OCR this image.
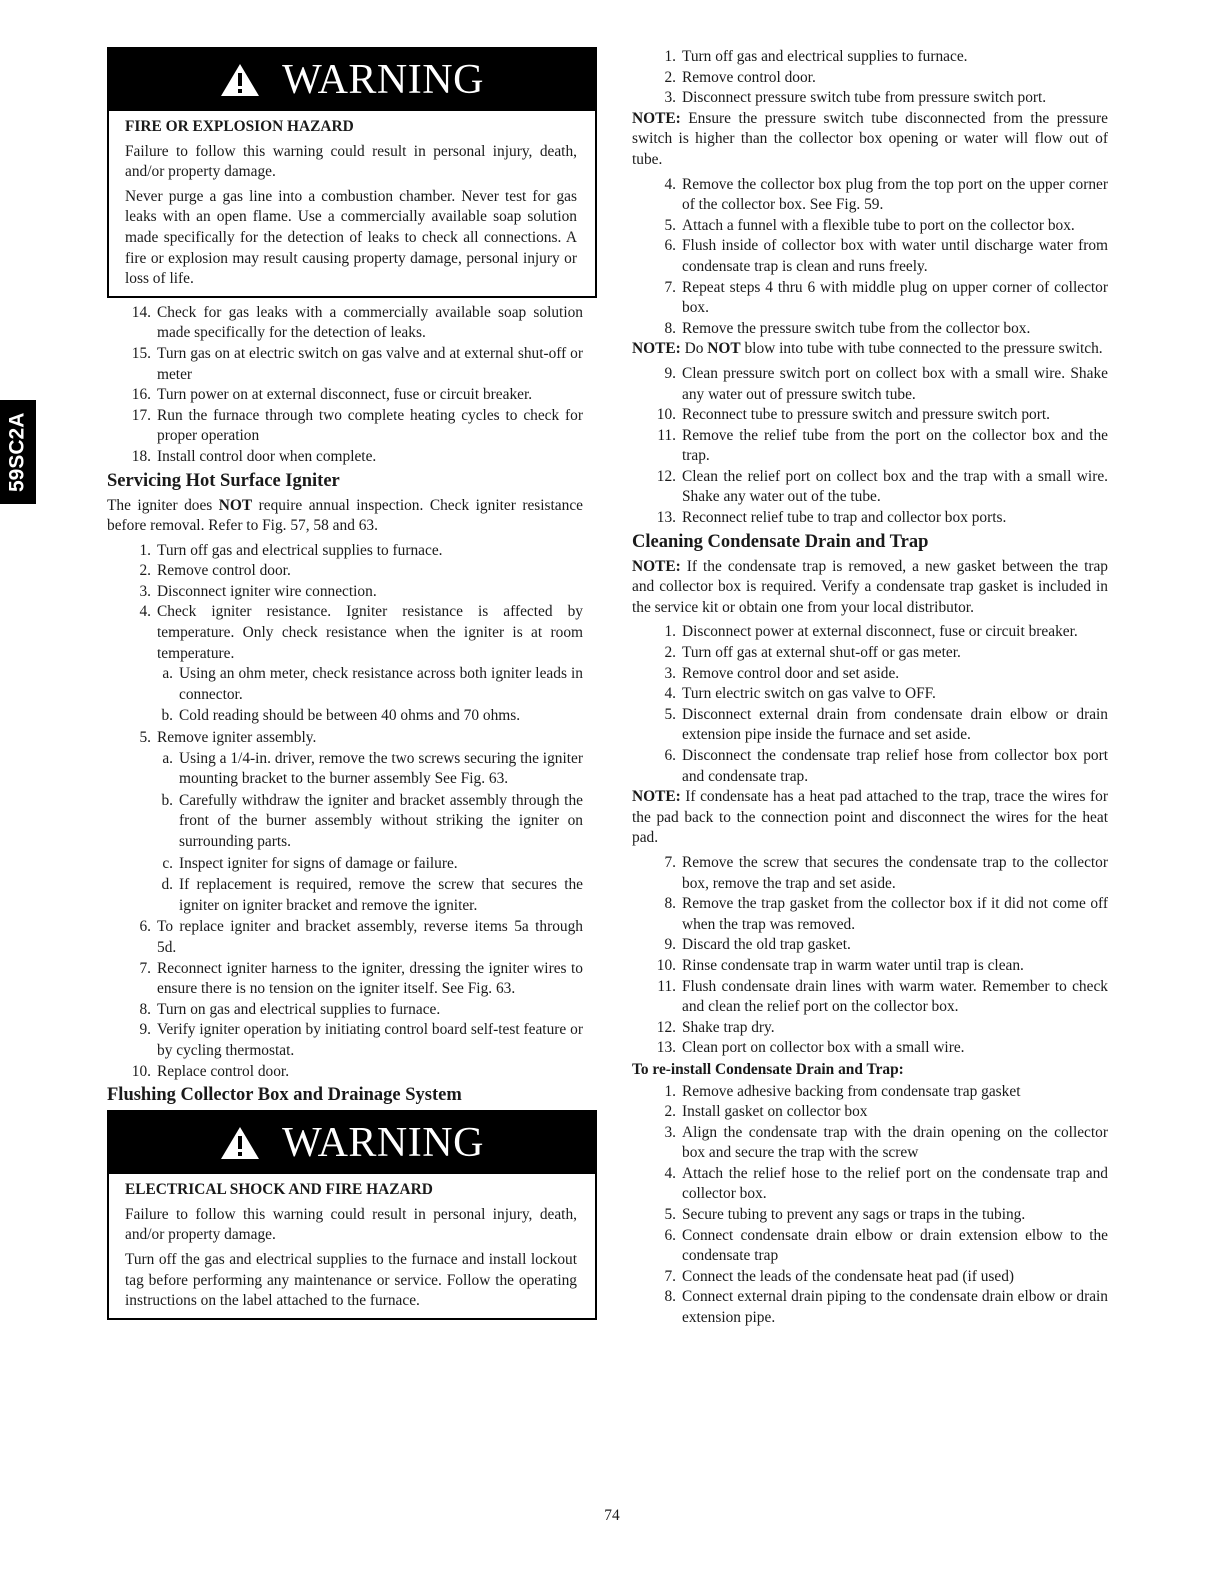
59SC2A
WARNING
FIRE OR EXPLOSION HAZARD

Failure to follow this warning could result in personal injury, death, and/or property damage.

Never purge a gas line into a combustion chamber. Never test for gas leaks with an open flame. Use a commercially available soap solution made specifically for the detection of leaks to check all connections. A fire or explosion may result causing property damage, personal injury or loss of life.

14. Check for gas leaks with a commercially available soap solution made specifically for the detection of leaks.
15. Turn gas on at electric switch on gas valve and at external shut-off or meter
16. Turn power on at external disconnect, fuse or circuit breaker.
17. Run the furnace through two complete heating cycles to check for proper operation
18. Install control door when complete.
Servicing Hot Surface Igniter

The igniter does NOT require annual inspection. Check igniter resistance before removal. Refer to Fig. 57, 58 and 63.

1. Turn off gas and electrical supplies to furnace.
2. Remove control door.
3. Disconnect igniter wire connection.
4. Check igniter resistance. Igniter resistance is affected by temperature. Only check resistance when the igniter is at room temperature.
a. Using an ohm meter, check resistance across both igniter leads in connector.
b. Cold reading should be between 40 ohms and 70 ohms.
5. Remove igniter assembly.
a. Using a 1/4-in. driver, remove the two screws securing the igniter mounting bracket to the burner assembly See Fig. 63.
b. Carefully withdraw the igniter and bracket assembly through the front of the burner assembly without striking the igniter on surrounding parts.
c. Inspect igniter for signs of damage or failure.
d. If replacement is required, remove the screw that secures the igniter on igniter bracket and remove the igniter.
6. To replace igniter and bracket assembly, reverse items 5a through 5d.
7. Reconnect igniter harness to the igniter, dressing the igniter wires to ensure there is no tension on the igniter itself. See Fig. 63.
8. Turn on gas and electrical supplies to furnace.
9. Verify igniter operation by initiating control board self-test feature or by cycling thermostat.
10. Replace control door.
Flushing Collector Box and Drainage System
WARNING
ELECTRICAL SHOCK AND FIRE HAZARD

Failure to follow this warning could result in personal injury, death, and/or property damage.

Turn off the gas and electrical supplies to the furnace and install lockout tag before performing any maintenance or service. Follow the operating instructions on the label attached to the furnace.

1. Turn off gas and electrical supplies to furnace.
2. Remove control door.
3. Disconnect pressure switch tube from pressure switch port.

NOTE: Ensure the pressure switch tube disconnected from the pressure switch is higher than the collector box opening or water will flow out of tube.

4. Remove the collector box plug from the top port on the upper corner of the collector box. See Fig. 59.
5. Attach a funnel with a flexible tube to port on the collector box.
6. Flush inside of collector box with water until discharge water from condensate trap is clean and runs freely.
7. Repeat steps 4 thru 6 with middle plug on upper corner of collector box.
8. Remove the pressure switch tube from the collector box.

NOTE: Do NOT blow into tube with tube connected to the pressure switch.

9. Clean pressure switch port on collect box with a small wire. Shake any water out of pressure switch tube.
10. Reconnect tube to pressure switch and pressure switch port.
11. Remove the relief tube from the port on the collector box and the trap.
12. Clean the relief port on collect box and the trap with a small wire. Shake any water out of the tube.
13. Reconnect relief tube to trap and collector box ports.
Cleaning Condensate Drain and Trap

NOTE: If the condensate trap is removed, a new gasket between the trap and collector box is required. Verify a condensate trap gasket is included in the service kit or obtain one from your local distributor.

1. Disconnect power at external disconnect, fuse or circuit breaker.
2. Turn off gas at external shut-off or gas meter.
3. Remove control door and set aside.
4. Turn electric switch on gas valve to OFF.
5. Disconnect external drain from condensate drain elbow or drain extension pipe inside the furnace and set aside.
6. Disconnect the condensate trap relief hose from collector box port and condensate trap.

NOTE: If condensate has a heat pad attached to the trap, trace the wires for the pad back to the connection point and disconnect the wires for the heat pad.

7. Remove the screw that secures the condensate trap to the collector box, remove the trap and set aside.
8. Remove the trap gasket from the collector box if it did not come off when the trap was removed.
9. Discard the old trap gasket.
10. Rinse condensate trap in warm water until trap is clean.
11. Flush condensate drain lines with warm water. Remember to check and clean the relief port on the collector box.
12. Shake trap dry.
13. Clean port on collector box with a small wire.
To re-install Condensate Drain and Trap:
1. Remove adhesive backing from condensate trap gasket
2. Install gasket on collector box
3. Align the condensate trap with the drain opening on the collector box and secure the trap with the screw
4. Attach the relief hose to the relief port on the condensate trap and collector box.
5. Secure tubing to prevent any sags or traps in the tubing.
6. Connect condensate drain elbow or drain extension elbow to the condensate trap
7. Connect the leads of the condensate heat pad (if used)
8. Connect external drain piping to the condensate drain elbow or drain extension pipe.
74
